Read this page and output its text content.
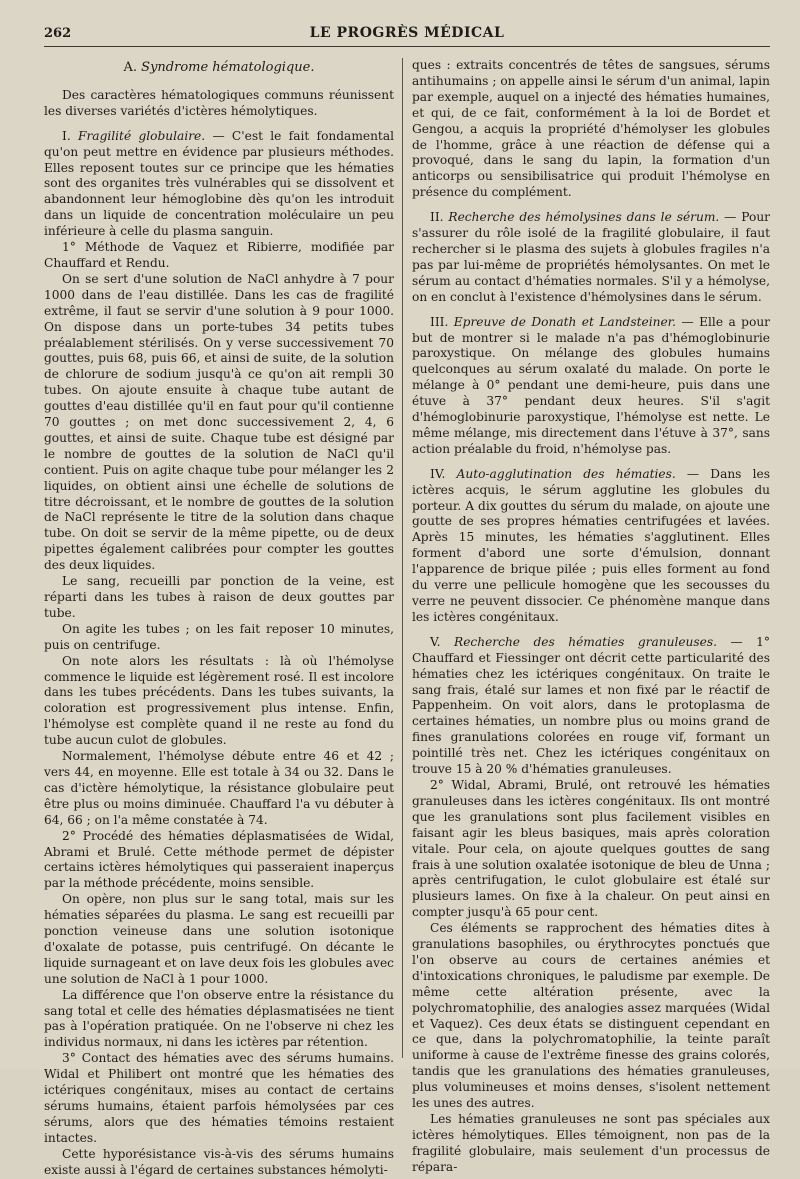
262	LE PROGRÈS MÉDICAL
A. Syndrome hématologique.

Des caractères hématologiques communs réunissent les diverses variétés d'ictères hémolytiques.

I. Fragilité globulaire. — C'est le fait fondamental qu'on peut mettre en évidence par plusieurs méthodes. Elles reposent toutes sur ce principe que les hématies sont des organites très vulnérables qui se dissolvent et abandonnent leur hémoglobine dès qu'on les introduit dans un liquide de concentration moléculaire un peu inférieure à celle du plasma sanguin.

1° Méthode de Vaquez et Ribierre, modifiée par Chauffard et Rendu.

On se sert d'une solution de NaCl anhydre à 7 pour 1000 dans de l'eau distillée. Dans les cas de fragilité extrême, il faut se servir d'une solution à 9 pour 1000. On dispose dans un porte-tubes 34 petits tubes préalablement stérilisés. On y verse successivement 70 gouttes, puis 68, puis 66, et ainsi de suite, de la solution de chlorure de sodium jusqu'à ce qu'on ait rempli 30 tubes. On ajoute ensuite à chaque tube autant de gouttes d'eau distillée qu'il en faut pour qu'il contienne 70 gouttes ; on met donc successivement 2, 4, 6 gouttes, et ainsi de suite. Chaque tube est désigné par le nombre de gouttes de la solution de NaCl qu'il contient. Puis on agite chaque tube pour mélanger les 2 liquides, on obtient ainsi une échelle de solutions de titre décroissant, et le nombre de gouttes de la solution de NaCl représente le titre de la solution dans chaque tube. On doit se servir de la même pipette, ou de deux pipettes également calibrées pour compter les gouttes des deux liquides.

Le sang, recueilli par ponction de la veine, est réparti dans les tubes à raison de deux gouttes par tube.

On agite les tubes ; on les fait reposer 10 minutes, puis on centrifuge.

On note alors les résultats : là où l'hémolyse commence le liquide est légèrement rosé. Il est incolore dans les tubes précédents. Dans les tubes suivants, la coloration est progressivement plus intense. Enfin, l'hémolyse est complète quand il ne reste au fond du tube aucun culot de globules.

Normalement, l'hémolyse débute entre 46 et 42 ; vers 44, en moyenne. Elle est totale à 34 ou 32. Dans le cas d'ictère hémolytique, la résistance globulaire peut être plus ou moins diminuée. Chauffard l'a vu débuter à 64, 66 ; on l'a même constatée à 74.

2° Procédé des hématies déplasmatisées de Widal, Abrami et Brulé. Cette méthode permet de dépister certains ictères hémolytiques qui passeraient inaperçus par la méthode précédente, moins sensible.

On opère, non plus sur le sang total, mais sur les hématies séparées du plasma. Le sang est recueilli par ponction veineuse dans une solution isotonique d'oxalate de potasse, puis centrifugé. On décante le liquide surnageant et on lave deux fois les globules avec une solution de NaCl à 1 pour 1000.

La différence que l'on observe entre la résistance du sang total et celle des hématies déplasmatisées ne tient pas à l'opération pratiquée. On ne l'observe ni chez les individus normaux, ni dans les ictères par rétention.

3° Contact des hématies avec des sérums humains. Widal et Philibert ont montré que les hématies des ictériques congénitaux, mises au contact de certains sérums humains, étaient parfois hémolysées par ces sérums, alors que des hématies témoins restaient intactes.

Cette hyporésistance vis-à-vis des sérums humains existe aussi à l'égard de certaines substances hémolyti-

ques : extraits concentrés de têtes de sangsues, sérums antihumains ; on appelle ainsi le sérum d'un animal, lapin par exemple, auquel on a injecté des hématies humaines, et qui, de ce fait, conformément à la loi de Bordet et Gengou, a acquis la propriété d'hémolyser les globules de l'homme, grâce à une réaction de défense qui a provoqué, dans le sang du lapin, la formation d'un anticorps ou sensibilisatrice qui produit l'hémolyse en présence du complément.

II. Recherche des hémolysines dans le sérum. — Pour s'assurer du rôle isolé de la fragilité globulaire, il faut rechercher si le plasma des sujets à globules fragiles n'a pas par lui-même de propriétés hémolysantes. On met le sérum au contact d'hématies normales. S'il y a hémolyse, on en conclut à l'existence d'hémolysines dans le sérum.

III. Epreuve de Donath et Landsteiner. — Elle a pour but de montrer si le malade n'a pas d'hémoglobinurie paroxystique. On mélange des globules humains quelconques au sérum oxalaté du malade. On porte le mélange à 0° pendant une demi-heure, puis dans une étuve à 37° pendant deux heures. S'il s'agit d'hémoglobinurie paroxystique, l'hémolyse est nette. Le même mélange, mis directement dans l'étuve à 37°, sans action préalable du froid, n'hémolyse pas.

IV. Auto-agglutination des hématies. — Dans les ictères acquis, le sérum agglutine les globules du porteur. A dix gouttes du sérum du malade, on ajoute une goutte de ses propres hématies centrifugées et lavées. Après 15 minutes, les hématies s'agglutinent. Elles forment d'abord une sorte d'émulsion, donnant l'apparence de brique pilée ; puis elles forment au fond du verre une pellicule homogène que les secousses du verre ne peuvent dissocier. Ce phénomène manque dans les ictères congénitaux.

V. Recherche des hématies granuleuses. — 1° Chauffard et Fiessinger ont décrit cette particularité des hématies chez les ictériques congénitaux. On traite le sang frais, étalé sur lames et non fixé par le réactif de Pappenheim. On voit alors, dans le protoplasma de certaines hématies, un nombre plus ou moins grand de fines granulations colorées en rouge vif, formant un pointillé très net. Chez les ictériques congénitaux on trouve 15 à 20 % d'hématies granuleuses.

2° Widal, Abrami, Brulé, ont retrouvé les hématies granuleuses dans les ictères congénitaux. Ils ont montré que les granulations sont plus facilement visibles en faisant agir les bleus basiques, mais après coloration vitale. Pour cela, on ajoute quelques gouttes de sang frais à une solution oxalatée isotonique de bleu de Unna ; après centrifugation, le culot globulaire est étalé sur plusieurs lames. On fixe à la chaleur. On peut ainsi en compter jusqu'à 65 pour cent.

Ces éléments se rapprochent des hématies dites à granulations basophiles, ou érythrocytes ponctués que l'on observe au cours de certaines anémies et d'intoxications chroniques, le paludisme par exemple. De même cette altération présente, avec la polychromatophilie, des analogies assez marquées (Widal et Vaquez). Ces deux états se distinguent cependant en ce que, dans la polychromatophilie, la teinte paraît uniforme à cause de l'extrême finesse des grains colorés, tandis que les granulations des hématies granuleuses, plus volumineuses et moins denses, s'isolent nettement les unes des autres.

Les hématies granuleuses ne sont pas spéciales aux ictères hémolytiques. Elles témoignent, non pas de la fragilité globulaire, mais seulement d'un processus de répara-
